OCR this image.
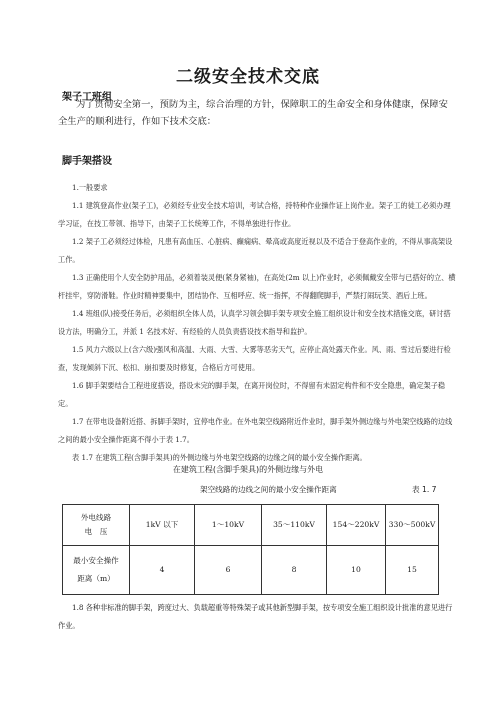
二级安全技术交底
架子工班组
为了贯彻安全第一，预防为主，综合治理的方针，保障职工的生命安全和身体健康，保障安全生产的顺利进行，作如下技术交底：
脚手架搭设

1.一般要求

1.1 建筑登高作业(架子工)，必须经专业安全技术培训，考试合格，持特种作业操作证上岗作业。架子工的徒工必须办理学习证，在技工带领、指导下，由架子工长统筹工作，不得单独进行作业。

1.2 架子工必须经过体检，凡患有高血压、心脏病、癫痫病、晕高或高度近视以及不适合于登高作业的，不得从事高架设工作。

1.3 正确使用个人安全防护用品，必须着装灵便(紧身紧袖)，在高处(2m 以上)作业时，必须佩戴安全带与已搭好的立、横杆挂牢，穿防滑鞋。作业时精神要集中，团结协作、互相呼应、统一指挥，不得翻爬脚手，严禁打闹玩笑、酒后上班。

1.4 班组(队)接受任务后，必须组织全体人员，认真学习领会脚手架专项安全施工组织设计和安全技术措施交底，研讨搭设方法，明确分工，并派 1 名技术好、有经验的人员负责搭设技术指导和监护。

1.5 风力六级以上(含六级)强风和高温、大雨、大雪、大雾等恶劣天气，应停止高处露天作业。风、雨、雪过后要进行检查，发现倾斜下沉、松扣、崩扣要及时修复，合格后方可使用。

1.6 脚手架要结合工程进度搭设，搭设未完的脚手架，在离开岗位时，不得留有未固定构件和不安全隐患，确定架子稳定。

1.7 在带电设备附近搭、拆脚手架时，宜停电作业。在外电架空线路附近作业时，脚手架外侧边缘与外电架空线路的边线之间的最小安全操作距离不得小于表 1.7。

表 1.7 在建筑工程(含脚手架具)的外侧边缘与外电架空线路的边缘之间的最小安全操作距离。

在建筑工程(含脚手架具)的外侧边缘与外电
架空线路的边线之间的最小安全操作距离	表 1. 7
外电线路
电　压	1kV 以下	1～10kV	35～110kV	154～220kV	330～500kV

最小安全操作
距离（m）	4	6	8	10	15

1.8 各种非标准的脚手架，跨度过大、负载超重等特殊架子或其他新型脚手架，按专项安全施工组织设计批准的意见进行作业。
